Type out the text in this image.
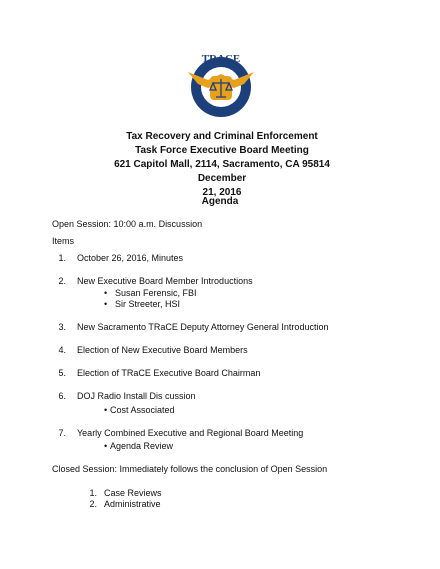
TRACE
Tax Recovery and Criminal Enforcement
Task Force Executive Board Meeting
621 Capitol Mall, 2114, Sacramento, CA 95814 December
21, 2016
Agenda
Open Session: 10:00 a.m. Discussion
Items
1. October 26, 2016, Minutes
2. New Executive Board Member Introductions
• Susan Ferensic, FBI
• Sir Streeter, HSI
3. New Sacramento TRaCE Deputy Attorney General Introduction
4. Election of New Executive Board Members
5. Election of TRaCE Executive Board Chairman
6. DOJ Radio Install Dis cussion
• Cost Associated
7. Yearly Combined Executive and Regional Board Meeting
• Agenda Review
Closed Session: Immediately follows the conclusion of Open Session
1. Case Reviews
2. Administrative
